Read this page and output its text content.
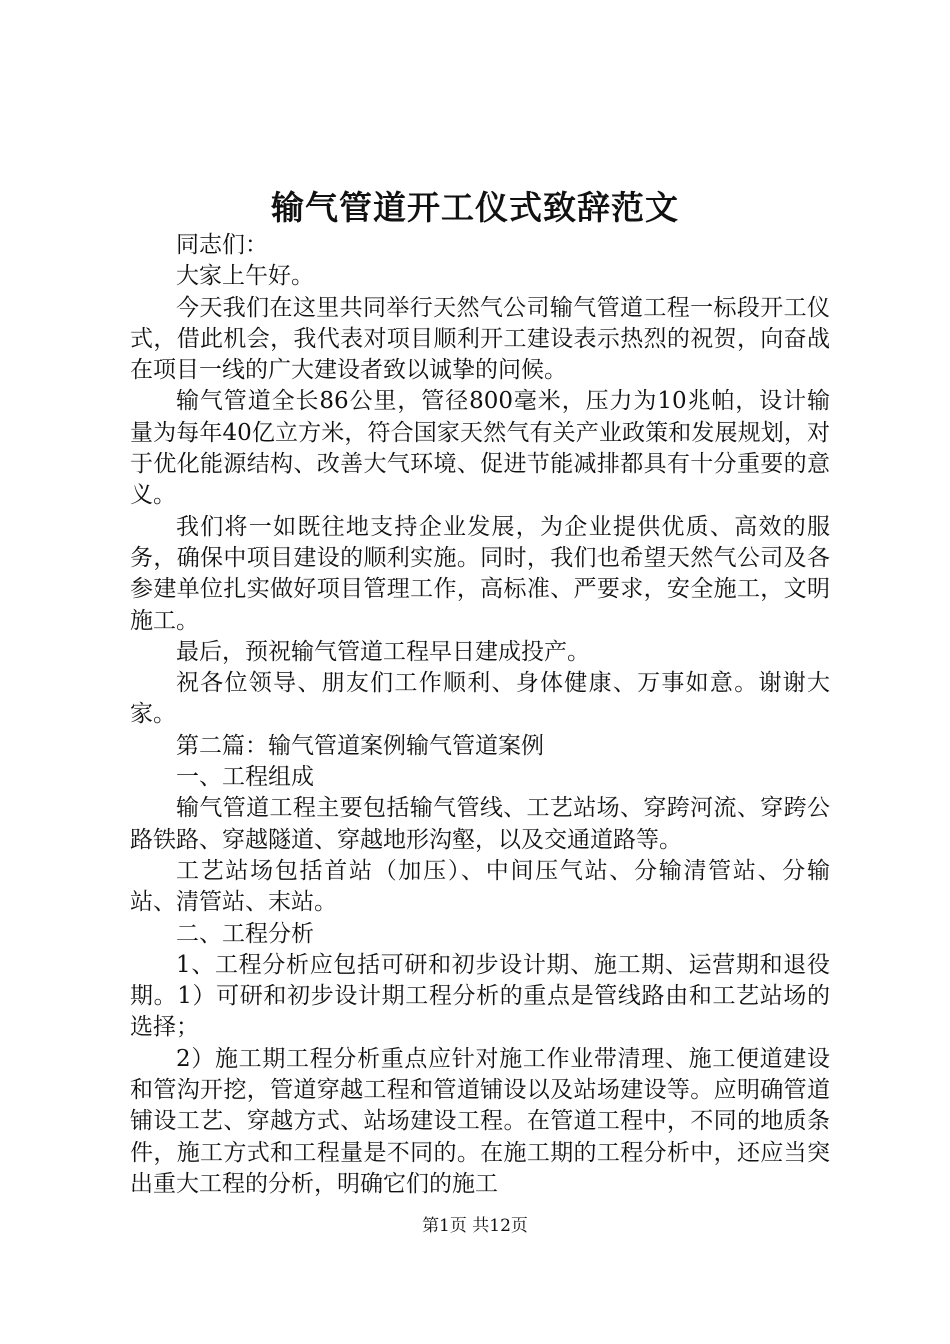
输气管道开工仪式致辞范文

同志们：

大家上午好。

今天我们在这里共同举行天然气公司输气管道工程一标段开工仪式，借此机会，我代表对项目顺利开工建设表示热烈的祝贺，向奋战在项目一线的广大建设者致以诚挚的问候。

输气管道全长86公里，管径800毫米，压力为10兆帕，设计输量为每年40亿立方米，符合国家天然气有关产业政策和发展规划，对于优化能源结构、改善大气环境、促进节能减排都具有十分重要的意义。

我们将一如既往地支持企业发展，为企业提供优质、高效的服务，确保中项目建设的顺利实施。同时，我们也希望天然气公司及各参建单位扎实做好项目管理工作，高标准、严要求，安全施工，文明施工。

最后，预祝输气管道工程早日建成投产。

祝各位领导、朋友们工作顺利、身体健康、万事如意。谢谢大家。

第二篇：输气管道案例输气管道案例

一、工程组成

输气管道工程主要包括输气管线、工艺站场、穿跨河流、穿跨公路铁路、穿越隧道、穿越地形沟壑，以及交通道路等。

工艺站场包括首站（加压）、中间压气站、分输清管站、分输站、清管站、末站。

二、工程分析

1、工程分析应包括可研和初步设计期、施工期、运营期和退役期。1）可研和初步设计期工程分析的重点是管线路由和工艺站场的选择；

2）施工期工程分析重点应针对施工作业带清理、施工便道建设和管沟开挖，管道穿越工程和管道铺设以及站场建设等。应明确管道铺设工艺、穿越方式、站场建设工程。在管道工程中，不同的地质条件，施工方式和工程量是不同的。在施工期的工程分析中，还应当突出重大工程的分析，明确它们的施工

第1页 共12页
